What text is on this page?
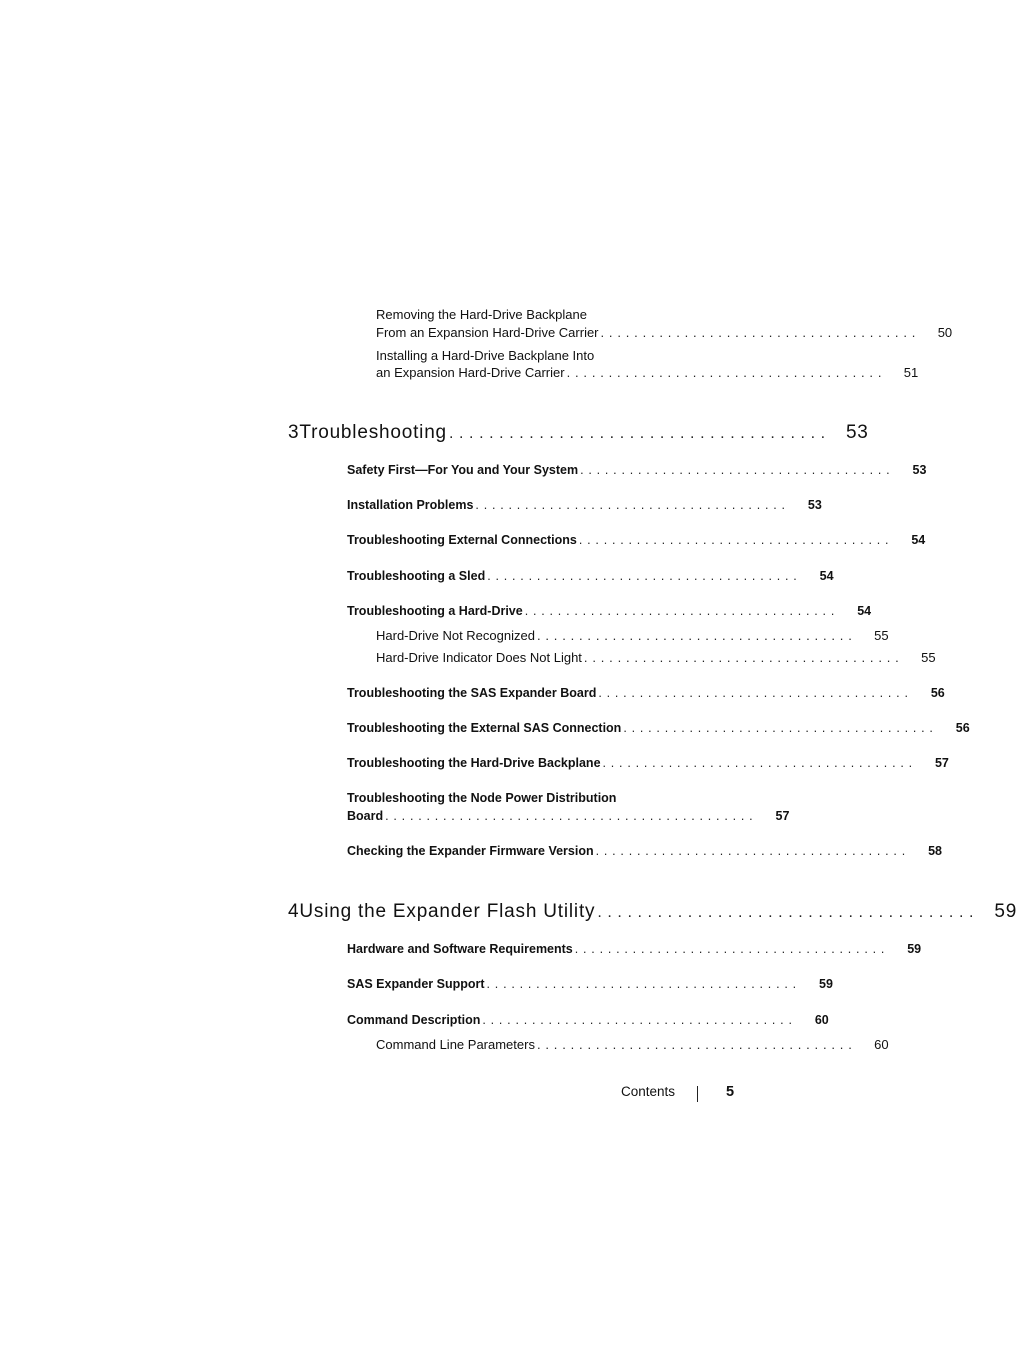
Removing the Hard-Drive Backplane
From an Expansion Hard-Drive Carrier ......................................	50
Installing a Hard-Drive Backplane Into
an Expansion Hard-Drive Carrier ......................................	51
3 Troubleshooting ...................................... 53
Safety First—For You and Your System ......................................	53
Installation Problems ......................................	53
Troubleshooting External Connections ......................................	54
Troubleshooting a Sled ......................................	54
Troubleshooting a Hard-Drive ......................................	54
Hard-Drive Not Recognized ......................................	55
Hard-Drive Indicator Does Not Light ......................................	55
Troubleshooting the SAS Expander Board ......................................	56
Troubleshooting the External SAS Connection ......................................	56
Troubleshooting the Hard-Drive Backplane ......................................	57
Troubleshooting the Node Power Distribution
Board .............................................	57
Checking the Expander Firmware Version ......................................	58
4 Using the Expander Flash Utility ...................................... 59
Hardware and Software Requirements ......................................	59
SAS Expander Support ......................................	59
Command Description ......................................	60
Command Line Parameters ......................................	60
Contents	5
